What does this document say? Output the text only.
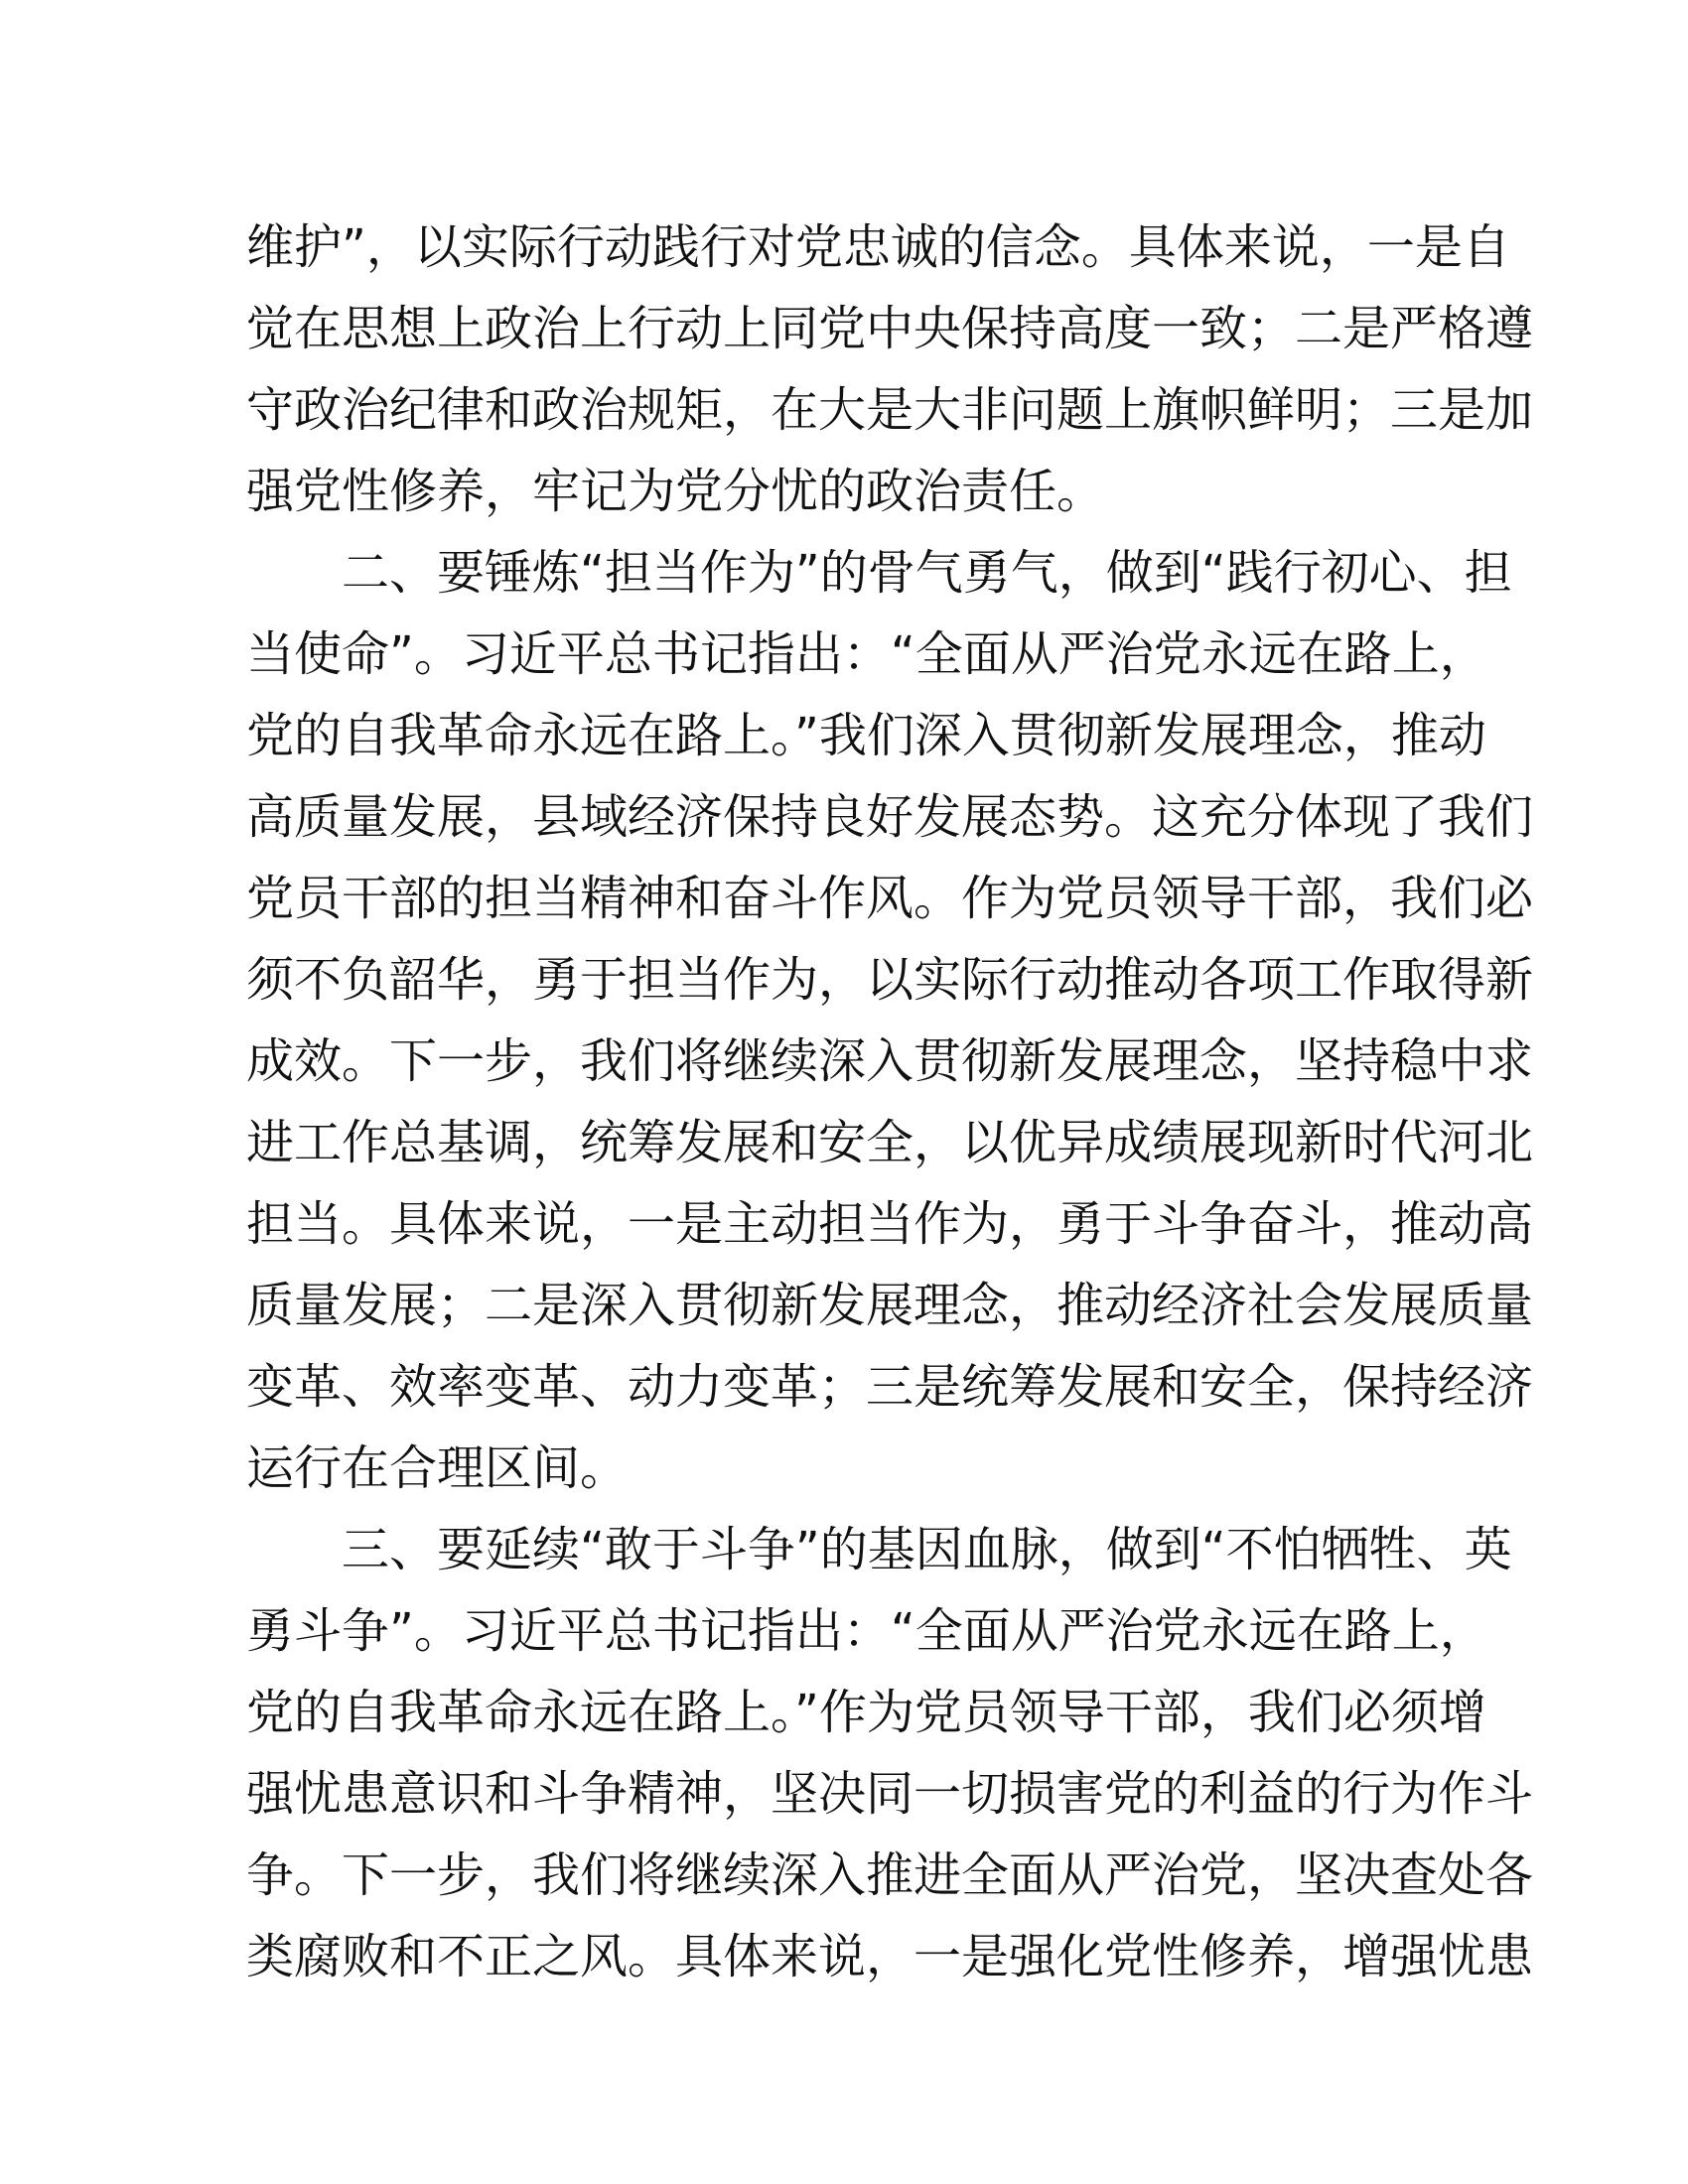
维护”，以实际行动践行对党忠诚的信念。具体来说，一是自
觉在思想上政治上行动上同党中央保持高度一致；二是严格遵
守政治纪律和政治规矩，在大是大非问题上旗帜鲜明；三是加
强党性修养，牢记为党分忧的政治责任。

二、要锤炼“担当作为”的骨气勇气，做到“践行初心、担
当使命”。习近平总书记指出：“全面从严治党永远在路上，
党的自我革命永远在路上。”我们深入贯彻新发展理念，推动
高质量发展，县域经济保持良好发展态势。这充分体现了我们
党员干部的担当精神和奋斗作风。作为党员领导干部，我们必
须不负韶华，勇于担当作为，以实际行动推动各项工作取得新
成效。下一步，我们将继续深入贯彻新发展理念，坚持稳中求
进工作总基调，统筹发展和安全，以优异成绩展现新时代河北
担当。具体来说，一是主动担当作为，勇于斗争奋斗，推动高
质量发展；二是深入贯彻新发展理念，推动经济社会发展质量
变革、效率变革、动力变革；三是统筹发展和安全，保持经济
运行在合理区间。

三、要延续“敢于斗争”的基因血脉，做到“不怕牺牲、英
勇斗争”。习近平总书记指出：“全面从严治党永远在路上，
党的自我革命永远在路上。”作为党员领导干部，我们必须增
强忧患意识和斗争精神，坚决同一切损害党的利益的行为作斗
争。下一步，我们将继续深入推进全面从严治党，坚决查处各
类腐败和不正之风。具体来说，一是强化党性修养，增强忧患
